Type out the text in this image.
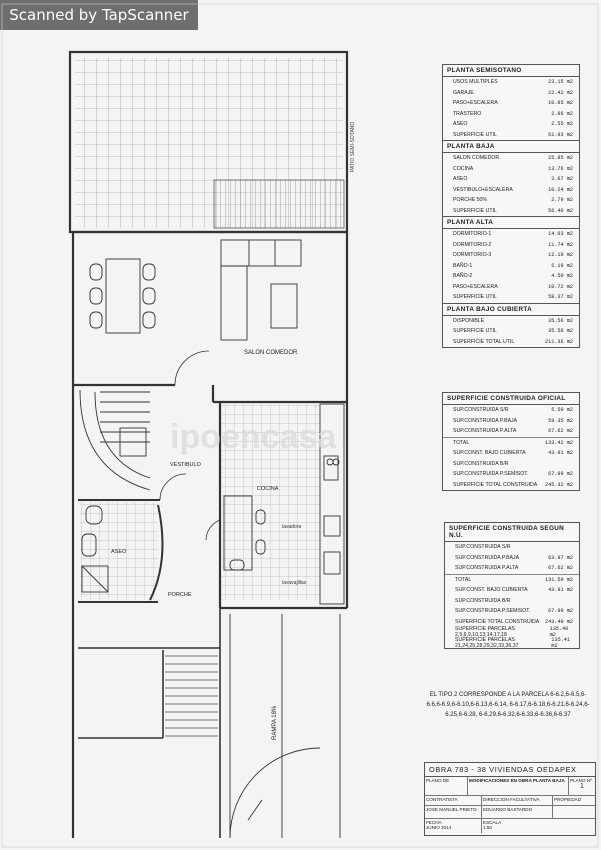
Scanned by TapScanner
SALON COMEDOR
VESTIBULO
COCINA
ASEO
PORCHE
lavadora
lavavajillas
RAMPA 18%
PATIO SEMI-SOTANO
ipoencasa
PLANTA SEMISOTANO
USOS MULTIPLES	23.15 m2
GARAJE	22.42 m2
PASO+ESCALERA	10.85 m2
TRASTERO	2.96 m2
ASEO	2.55 m2
SUPERFICIE UTIL	61.93 m2
PLANTA BAJA
SALON COMEDOR	25.95 m2
COCINA	13.76 m2
ASEO	3.67 m2
VESTIBULO+ESCALERA	10.24 m2
PORCHE 50%	2.79 m2
SUPERFICIE UTIL	56.40 m2
PLANTA ALTA
DORMITORIO-1	14.03 m2
DORMITORIO-2	11.74 m2
DORMITORIO-3	12.19 m2
BAÑO-1	5.19 m2
BAÑO-2	4.50 m2
PASO+ESCALERA	10.72 m2
SUPERFICIE UTIL	58.37 m2
PLANTA BAJO CUBIERTA
DISPONIBLE	35.56 m2
SUPERFICIE UTIL	35.56 m2
SUPERFICIE TOTAL UTIL	211.36 m2
SUPERFICIE CONSTRUIDA OFICIAL
SUP.CONSTRUIDA S/R	5.50 m2
SUP.CONSTRUIDA P.BAJA	59.35 m2
SUP.CONSTRUIDA P.ALTA	67.62 m2
TOTAL	133.42 m2
SUP.CONST. BAJO CUBIERTA	43.91 m2
SUP.CONSTRUIDA B/R
SUP.CONSTRUIDA P.SEMISOT.	67.99 m2
SUPERFICIE TOTAL CONSTRUIDA 245.32 m2
SUPERFICIE CONSTRUIDA SEGUN N.U.
SUP.CONSTRUIDA S/R
SUP.CONSTRUIDA P.BAJA	63.97 m2
SUP.CONSTRUIDA P.ALTA	67.62 m2
TOTAL	131.59 m2
SUP.CONST. BAJO CUBIERTA	43.91 m2
SUP.CONSTRUIDA B/R
SUP.CONSTRUIDA P.SEMISOT.	67.99 m2
SUPERFICIE TOTAL CONSTRUIDA 243.49 m2
SUPERFICIE PARCELAS 2,5,6,9,10,13,14,17,18
135.40 m2
SUPERFICIE PARCELAS 21,24,25,28,29,32,33,36,37
135.41 m2
EL TIPO 2 CORRESPONDE A LA PARCELA 6-6.2,6-6.5,6-6.6,6-6.9,6-6.10,6-6.13,6-6.14, 6-6.17,6-6.18,6-6.21,6-6.24,6-6.25,6-6.28, 6-6.29,6-6.32,6-6.33,6-6.36,6-6.37
OBRA 783 - 38 VIVIENDAS OEDAPEX
PLANO DE	MODIFICACIONES EN OBRA PLANTA BAJA	PLANO Nº
1
CONTRATISTA	DIRECCION FACULTATIVA	PROPIEDAD
JOSE MANUEL PRIETO	EDUARDO BASTARDO
FECHA
JUNIO 2014
ESCALA
1:50
